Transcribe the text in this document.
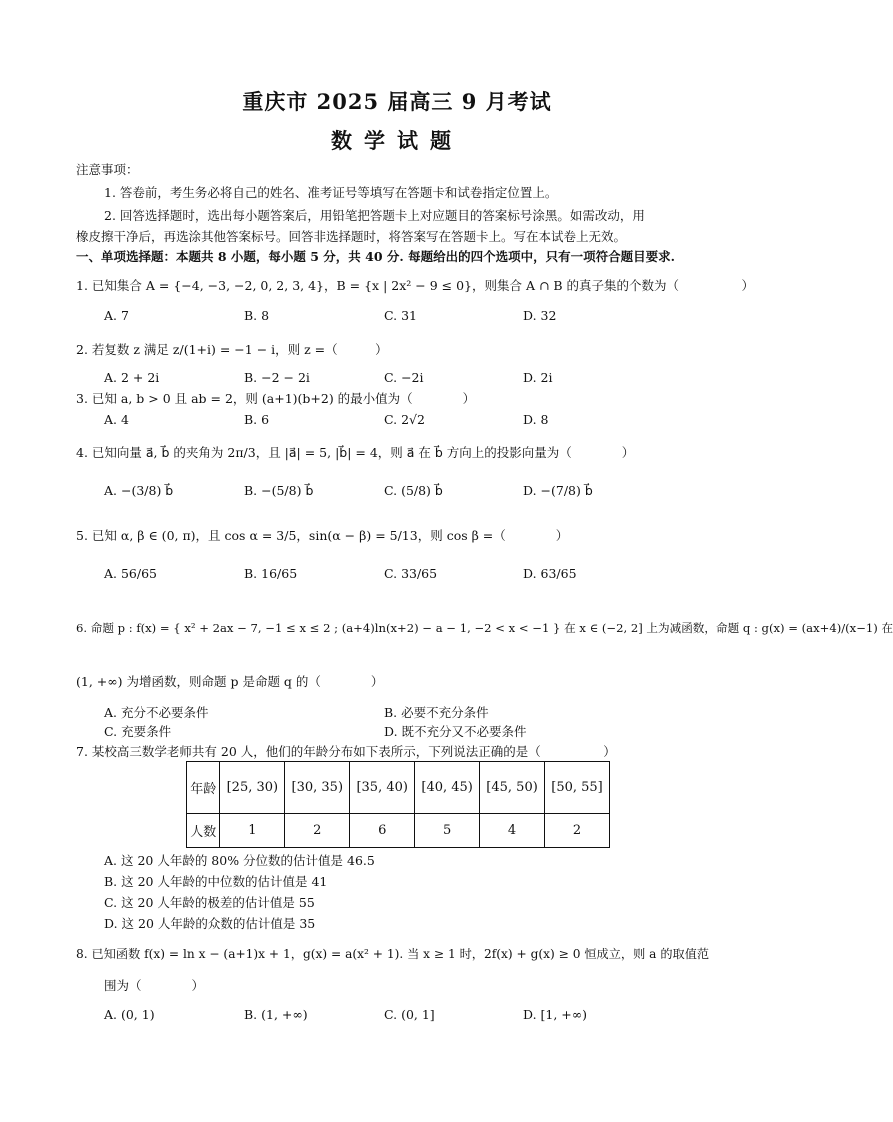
重庆市 2025 届高三 9 月考试
数学试题
注意事项：
1. 答卷前，考生务必将自己的姓名、准考证号等填写在答题卡和试卷指定位置上。
2. 回答选择题时，选出每小题答案后，用铅笔把答题卡上对应题目的答案标号涂黑。如需改动，用
橡皮擦干净后，再选涂其他答案标号。回答非选择题时，将答案写在答题卡上。写在本试卷上无效。
一、单项选择题：本题共 8 小题，每小题 5 分，共 40 分. 每题给出的四个选项中，只有一项符合题目要求.
1. 已知集合 A = {−4, −3, −2, 0, 2, 3, 4}，B = {x | 2x² − 9 ≤ 0}，则集合 A ∩ B 的真子集的个数为（　　　　　）
A. 7	B. 8	C. 31	D. 32
2. 若复数 z 满足 z/(1+i) = −1 − i，则 z =（　　　）
A. 2 + 2i	B. −2 − 2i	C. −2i	D. 2i
3. 已知 a, b > 0 且 ab = 2，则 (a+1)(b+2) 的最小值为（　　　　）
A. 4	B. 6	C. 2√2	D. 8
4. 已知向量 a⃗, b⃗ 的夹角为 2π/3，且 |a⃗| = 5, |b⃗| = 4，则 a⃗ 在 b⃗ 方向上的投影向量为（　　　　）
A. −(3/8) b⃗	B. −(5/8) b⃗	C. (5/8) b⃗	D. −(7/8) b⃗
5. 已知 α, β ∈ (0, π)，且 cos α = 3/5，sin(α − β) = 5/13，则 cos β =（　　　　）
A. 56/65	B. 16/65	C. 33/65	D. 63/65
6. 命题 p : f(x) = { x² + 2ax − 7, −1 ≤ x ≤ 2 ; (a+4)ln(x+2) − a − 1, −2 < x < −1 } 在 x ∈ (−2, 2] 上为减函数，命题 q : g(x) = (ax+4)/(x−1) 在
(1, +∞) 为增函数，则命题 p 是命题 q 的（　　　　）
A. 充分不必要条件	B. 必要不充分条件
C. 充要条件	D. 既不充分又不必要条件
7. 某校高三数学老师共有 20 人，他们的年龄分布如下表所示，下列说法正确的是（　　　　　）
年龄	[25, 30)	[30, 35)	[35, 40)	[40, 45)	[45, 50)	[50, 55]
人数	1	2	6	5	4	2
A. 这 20 人年龄的 80% 分位数的估计值是 46.5
B. 这 20 人年龄的中位数的估计值是 41
C. 这 20 人年龄的极差的估计值是 55
D. 这 20 人年龄的众数的估计值是 35
8. 已知函数 f(x) = ln x − (a+1)x + 1，g(x) = a(x² + 1). 当 x ≥ 1 时，2f(x) + g(x) ≥ 0 恒成立，则 a 的取值范
围为（　　　　）
A. (0, 1)	B. (1, +∞)	C. (0, 1]	D. [1, +∞)
